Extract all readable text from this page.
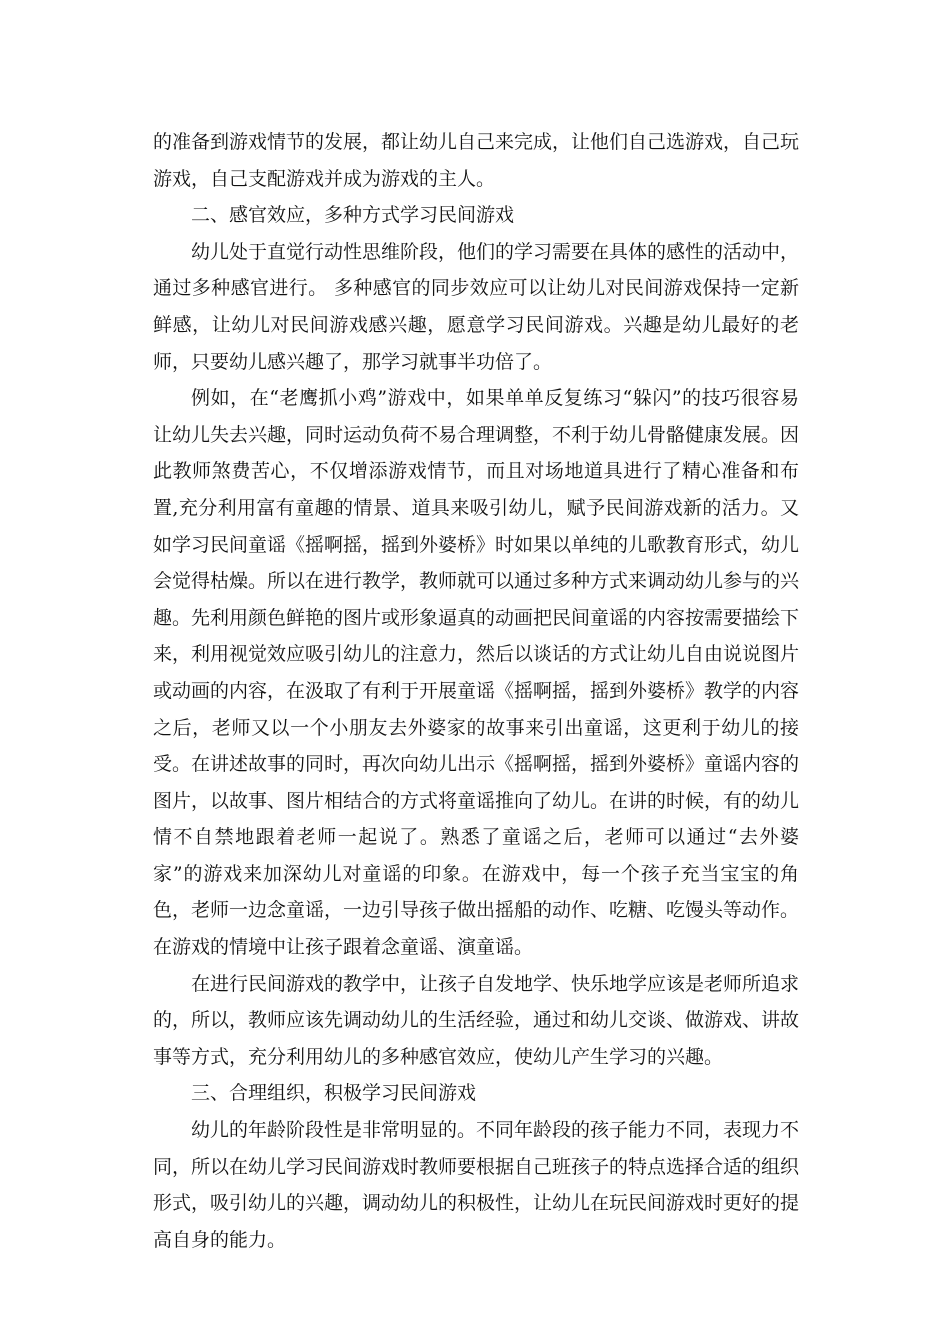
的准备到游戏情节的发展，都让幼儿自己来完成，让他们自己选游戏，自己玩游戏，自己支配游戏并成为游戏的主人。

二、感官效应，多种方式学习民间游戏

幼儿处于直觉行动性思维阶段，他们的学习需要在具体的感性的活动中，通过多种感官进行。 多种感官的同步效应可以让幼儿对民间游戏保持一定新鲜感，让幼儿对民间游戏感兴趣，愿意学习民间游戏。兴趣是幼儿最好的老师，只要幼儿感兴趣了，那学习就事半功倍了。

例如，在“老鹰抓小鸡”游戏中，如果单单反复练习“躲闪”的技巧很容易让幼儿失去兴趣，同时运动负荷不易合理调整，不利于幼儿骨骼健康发展。因此教师煞费苦心，不仅增添游戏情节，而且对场地道具进行了精心准备和布置,充分利用富有童趣的情景、道具来吸引幼儿，赋予民间游戏新的活力。又如学习民间童谣《摇啊摇，摇到外婆桥》时如果以单纯的儿歌教育形式，幼儿会觉得枯燥。所以在进行教学，教师就可以通过多种方式来调动幼儿参与的兴趣。先利用颜色鲜艳的图片或形象逼真的动画把民间童谣的内容按需要描绘下来，利用视觉效应吸引幼儿的注意力，然后以谈话的方式让幼儿自由说说图片或动画的内容，在汲取了有利于开展童谣《摇啊摇，摇到外婆桥》教学的内容之后，老师又以一个小朋友去外婆家的故事来引出童谣，这更利于幼儿的接受。在讲述故事的同时，再次向幼儿出示《摇啊摇，摇到外婆桥》童谣内容的图片，以故事、图片相结合的方式将童谣推向了幼儿。在讲的时候，有的幼儿情不自禁地跟着老师一起说了。熟悉了童谣之后，老师可以通过“去外婆家”的游戏来加深幼儿对童谣的印象。在游戏中，每一个孩子充当宝宝的角色，老师一边念童谣，一边引导孩子做出摇船的动作、吃糖、吃馒头等动作。在游戏的情境中让孩子跟着念童谣、演童谣。

在进行民间游戏的教学中，让孩子自发地学、快乐地学应该是老师所追求的，所以，教师应该先调动幼儿的生活经验，通过和幼儿交谈、做游戏、讲故事等方式，充分利用幼儿的多种感官效应，使幼儿产生学习的兴趣。

三、合理组织，积极学习民间游戏

幼儿的年龄阶段性是非常明显的。不同年龄段的孩子能力不同，表现力不同，所以在幼儿学习民间游戏时教师要根据自己班孩子的特点选择合适的组织形式，吸引幼儿的兴趣，调动幼儿的积极性，让幼儿在玩民间游戏时更好的提高自身的能力。
